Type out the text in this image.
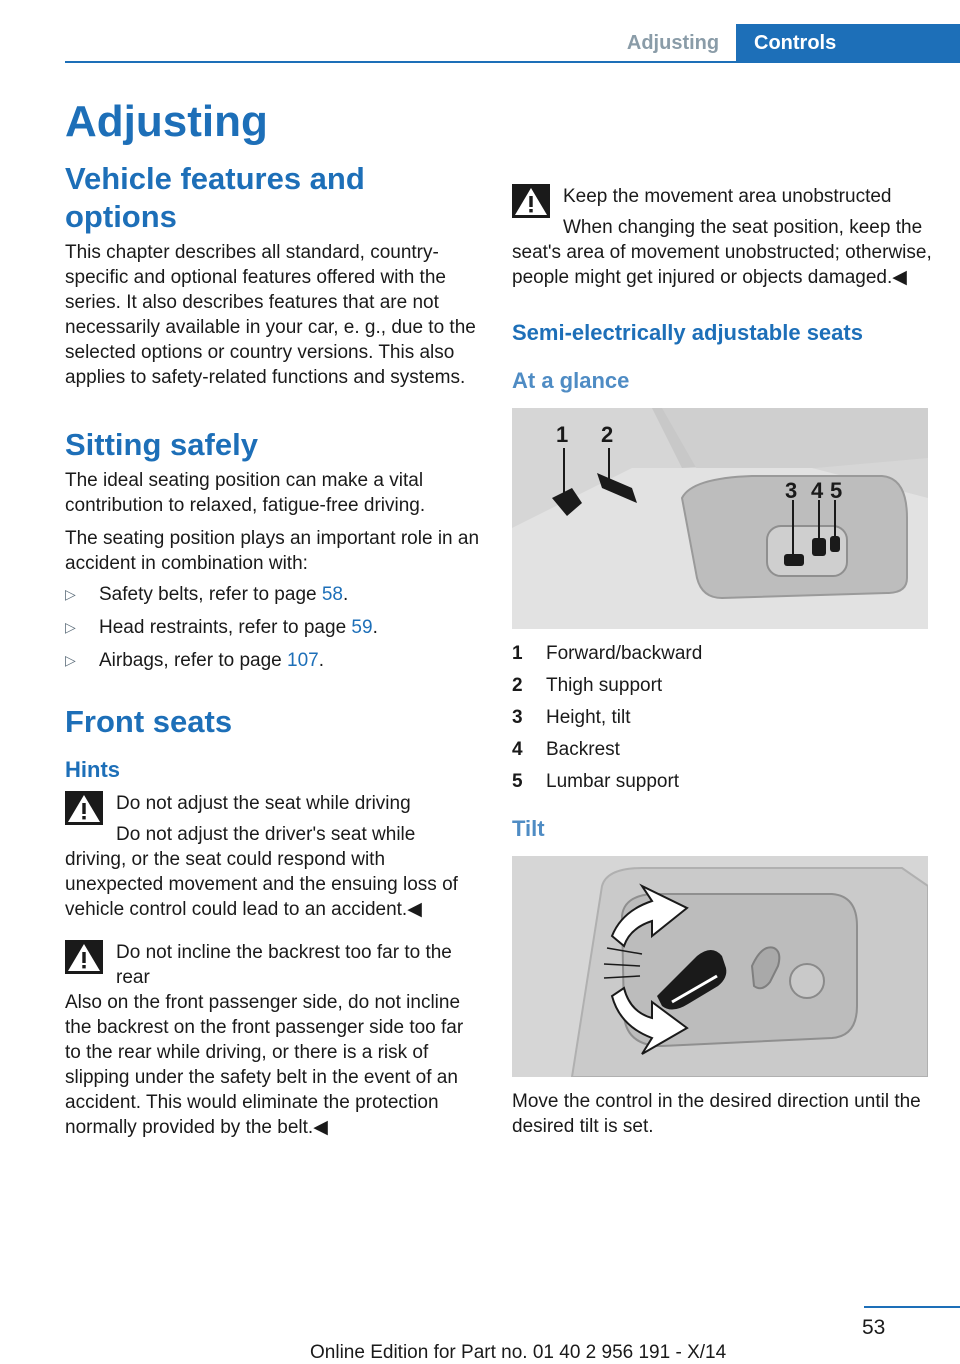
Adjusting	Controls
Adjusting
Vehicle features and options

This chapter describes all standard, country-specific and optional features offered with the series. It also describes features that are not necessarily available in your car, e. g., due to the selected options or country versions. This also applies to safety-related functions and systems.

Sitting safely

The ideal seating position can make a vital contribution to relaxed, fatigue-free driving.

The seating position plays an important role in an accident in combination with:

▷ Safety belts, refer to page 58.
▷ Head restraints, refer to page 59.
▷ Airbags, refer to page 107.
Front seats
Hints
Do not adjust the seat while driving

Do not adjust the driver's seat while driving, or the seat could respond with unexpected movement and the ensuing loss of vehicle control could lead to an accident.◀

Do not incline the backrest too far to the rear

Also on the front passenger side, do not incline the backrest on the front passenger side too far to the rear while driving, or there is a risk of slipping under the safety belt in the event of an accident. This would eliminate the protection normally provided by the belt.◀

Keep the movement area unobstructed

When changing the seat position, keep the seat's area of movement unobstructed; otherwise, people might get injured or objects damaged.◀

Semi-electrically adjustable seats
At a glance
1 2
3 4 5
1	Forward/backward
2	Thigh support
3	Height, tilt
4	Backrest
5	Lumbar support
Tilt

Move the control in the desired direction until the desired tilt is set.

53
Online Edition for Part no. 01 40 2 956 191 - X/14
